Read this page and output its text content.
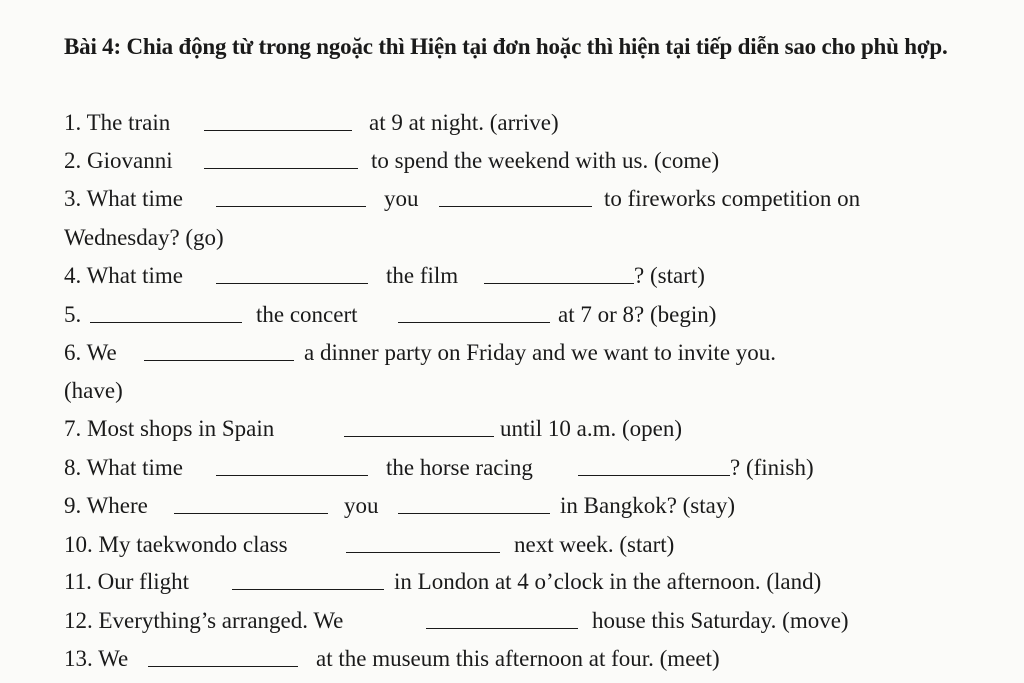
Bài 4: Chia động từ trong ngoặc thì Hiện tại đơn hoặc thì hiện tại tiếp diễn sao cho phù hợp.
1. The train	at 9 at night. (arrive)
2. Giovanni	to spend the weekend with us. (come)
3. What time	you	to fireworks competition on
Wednesday? (go)
4. What time	the film	? (start)
5.	the concert	at 7 or 8? (begin)
6. We	a dinner party on Friday and we want to invite you.
(have)
7. Most shops in Spain	until 10 a.m. (open)
8. What time	the horse racing	? (finish)
9. Where	you	in Bangkok? (stay)
10. My taekwondo class	next week. (start)
11. Our flight	in London at 4 o’clock in the afternoon. (land)
12. Everything’s arranged. We	house this Saturday. (move)
13. We	at the museum this afternoon at four. (meet)
